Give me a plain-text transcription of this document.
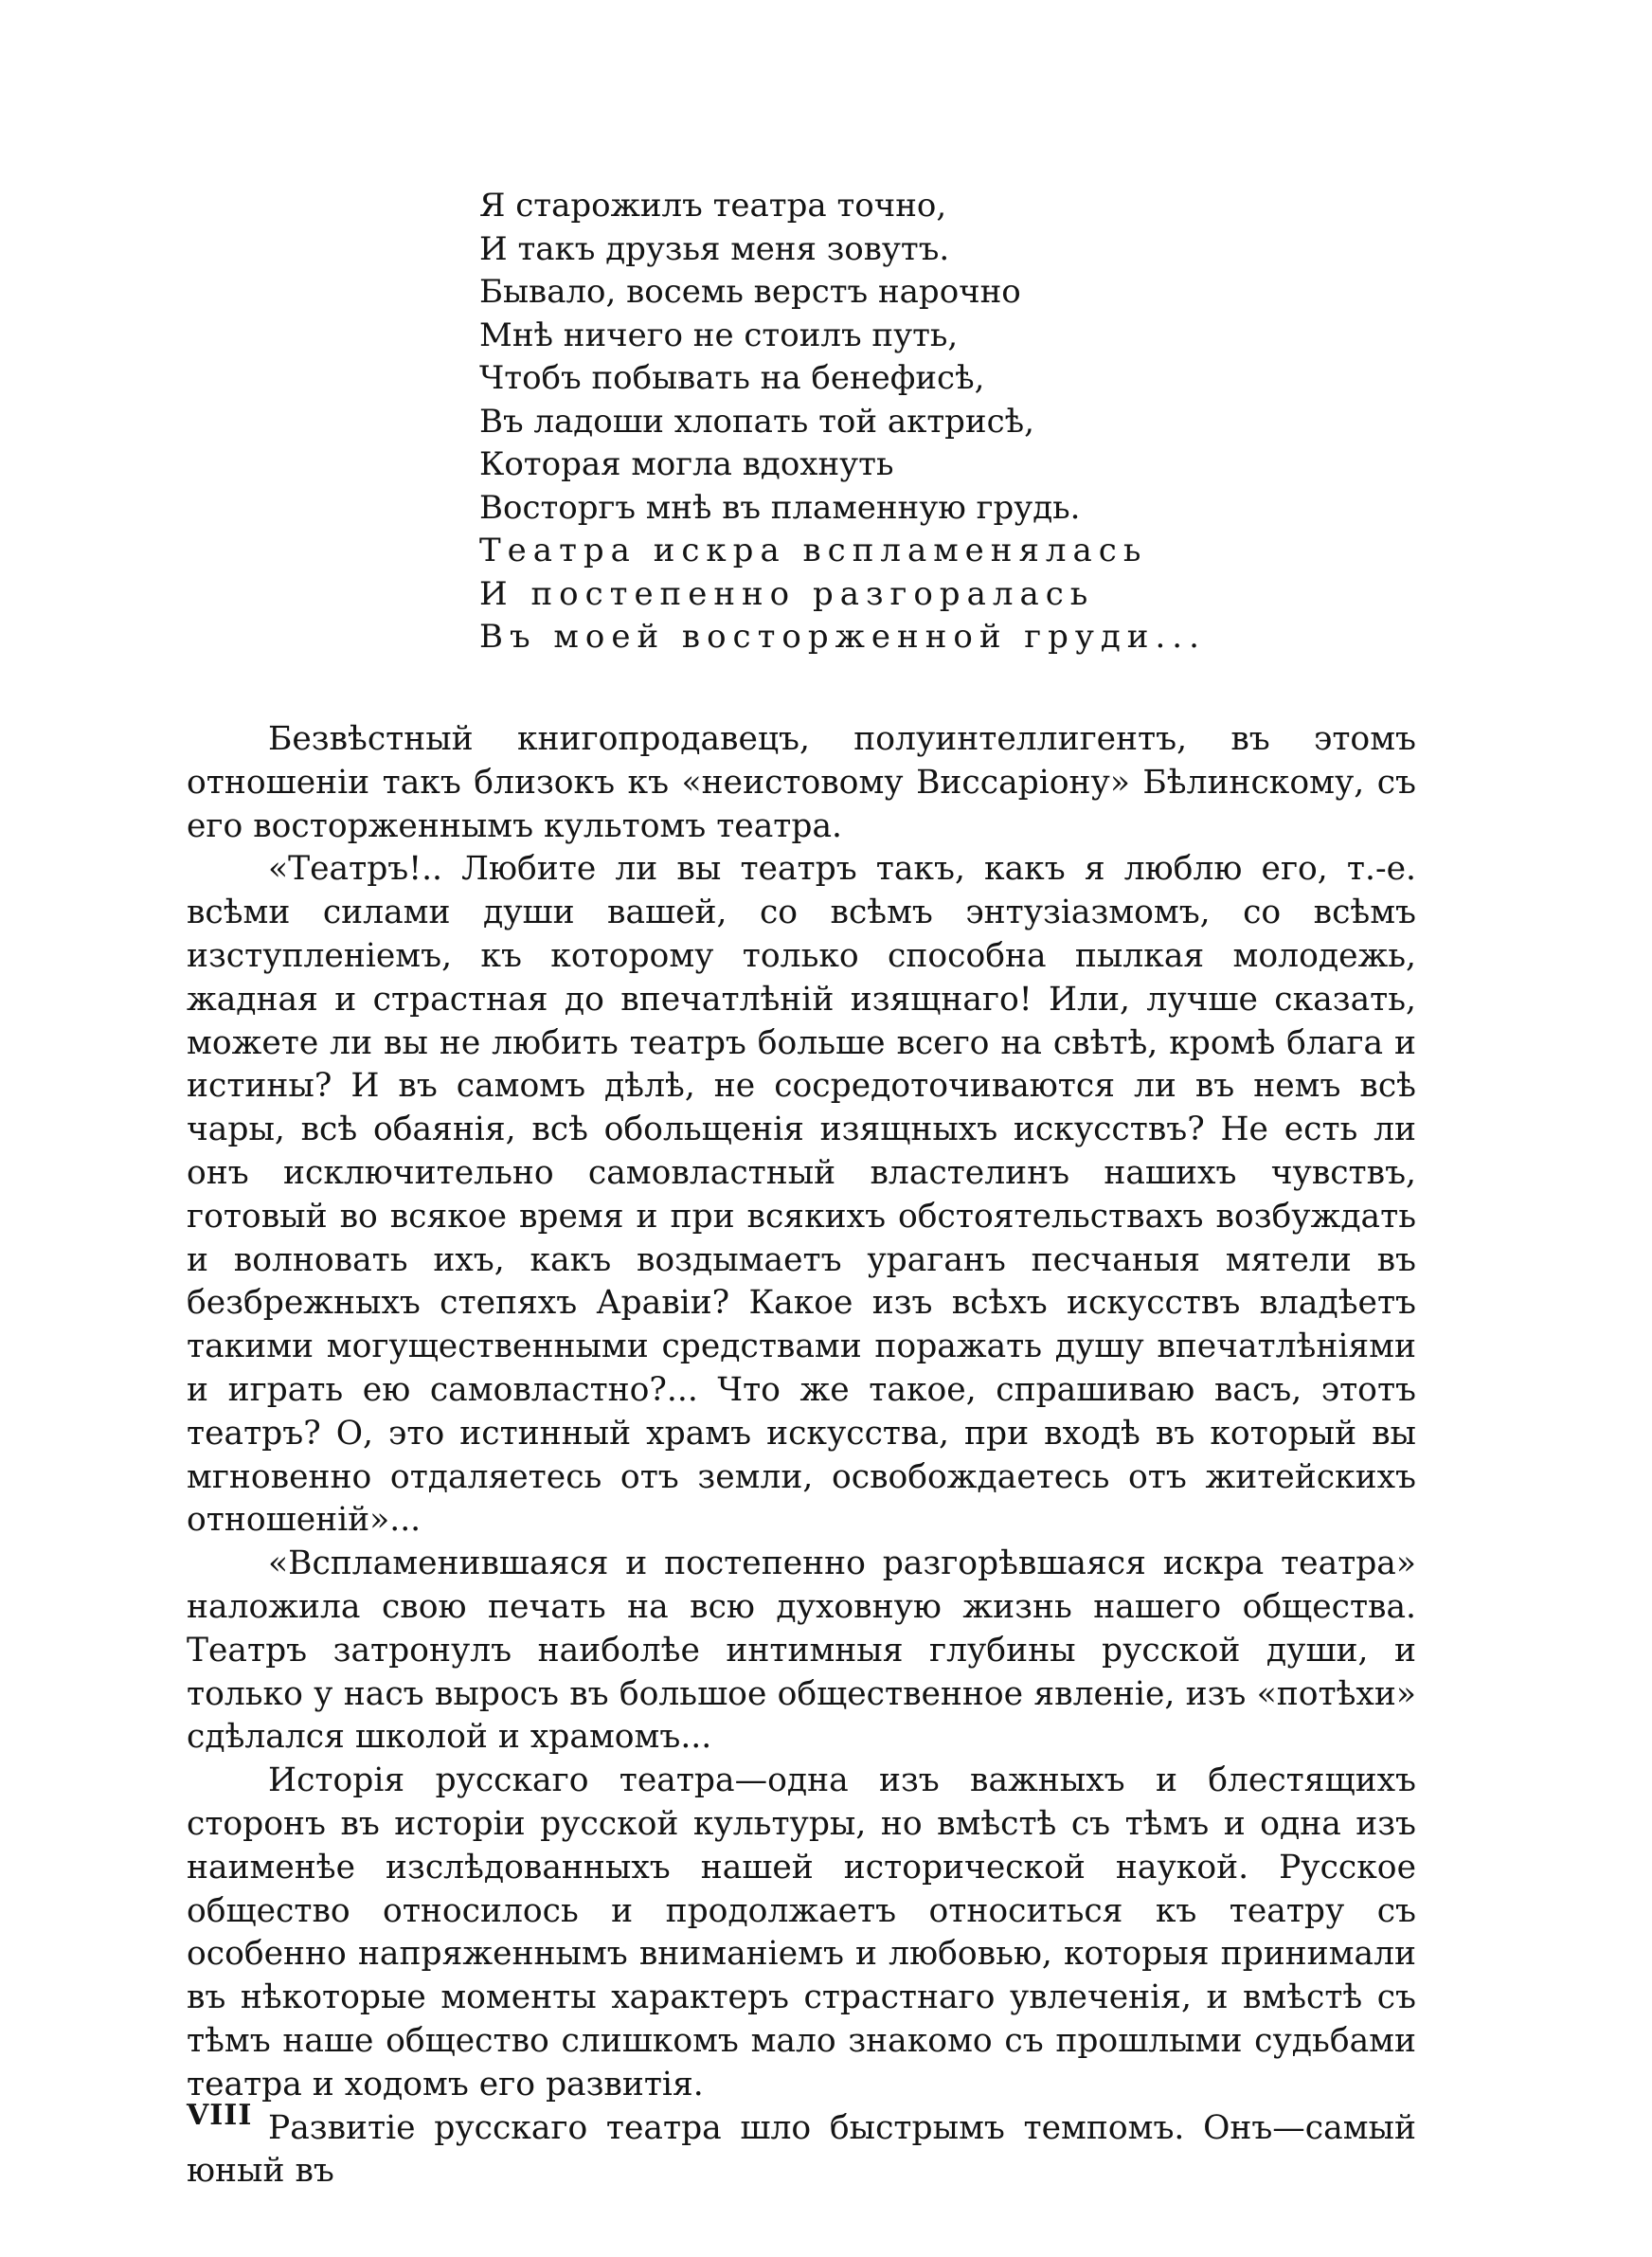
Я старожилъ театра точно,
И такъ друзья меня зовутъ.
Бывало, восемь верстъ нарочно
Мнѣ ничего не стоилъ путь,
Чтобъ побывать на бенефисѣ,
Въ ладоши хлопать той актрисѣ,
Которая могла вдохнуть
Восторгъ мнѣ въ пламенную грудь.
Театра искра вспламенялась
И постепенно разгоралась
Въ моей восторженной груди...

Безвѣстный книгопродавецъ, полуинтеллигентъ, въ этомъ отношеніи такъ близокъ къ «неистовому Виссаріону» Бѣлинскому, съ его восторженнымъ культомъ театра.

«Театръ!.. Любите ли вы театръ такъ, какъ я люблю его, т.-е. всѣми силами души вашей, со всѣмъ энтузіазмомъ, со всѣмъ изступленіемъ, къ которому только способна пылкая молодежь, жадная и страстная до впечатлѣній изящнаго! Или, лучше сказать, можете ли вы не любить театръ больше всего на свѣтѣ, кромѣ блага и истины? И въ самомъ дѣлѣ, не сосредоточиваются ли въ немъ всѣ чары, всѣ обаянія, всѣ обольщенія изящныхъ искусствъ? Не есть ли онъ исключительно самовластный властелинъ нашихъ чувствъ, готовый во всякое время и при всякихъ обстоятельствахъ возбуждать и волновать ихъ, какъ воздымаетъ ураганъ песчаныя мятели въ безбрежныхъ степяхъ Аравіи? Какое изъ всѣхъ искусствъ владѣетъ такими могущественными средствами поражать душу впечатлѣніями и играть ею самовластно?... Что же такое, спрашиваю васъ, этотъ театръ? О, это истинный храмъ искусства, при входѣ въ который вы мгновенно отдаляетесь отъ земли, освобождаетесь отъ житейскихъ отношеній»...

«Вспламенившаяся и постепенно разгорѣвшаяся искра театра» наложила свою печать на всю духовную жизнь нашего общества. Театръ затронулъ наиболѣе интимныя глубины русской души, и только у насъ выросъ въ большое общественное явленіе, изъ «потѣхи» сдѣлался школой и храмомъ...

Исторія русскаго театра—одна изъ важныхъ и блестящихъ сторонъ въ исторіи русской культуры, но вмѣстѣ съ тѣмъ и одна изъ наименѣе изслѣдованныхъ нашей исторической наукой. Русское общество относилось и продолжаетъ относиться къ театру съ особенно напряженнымъ вниманіемъ и любовью, которыя принимали въ нѣкоторые моменты характеръ страстнаго увлеченія, и вмѣстѣ съ тѣмъ наше общество слишкомъ мало знакомо съ прошлыми судьбами театра и ходомъ его развитія.

Развитіе русскаго театра шло быстрымъ темпомъ. Онъ—самый юный въ

VIII
